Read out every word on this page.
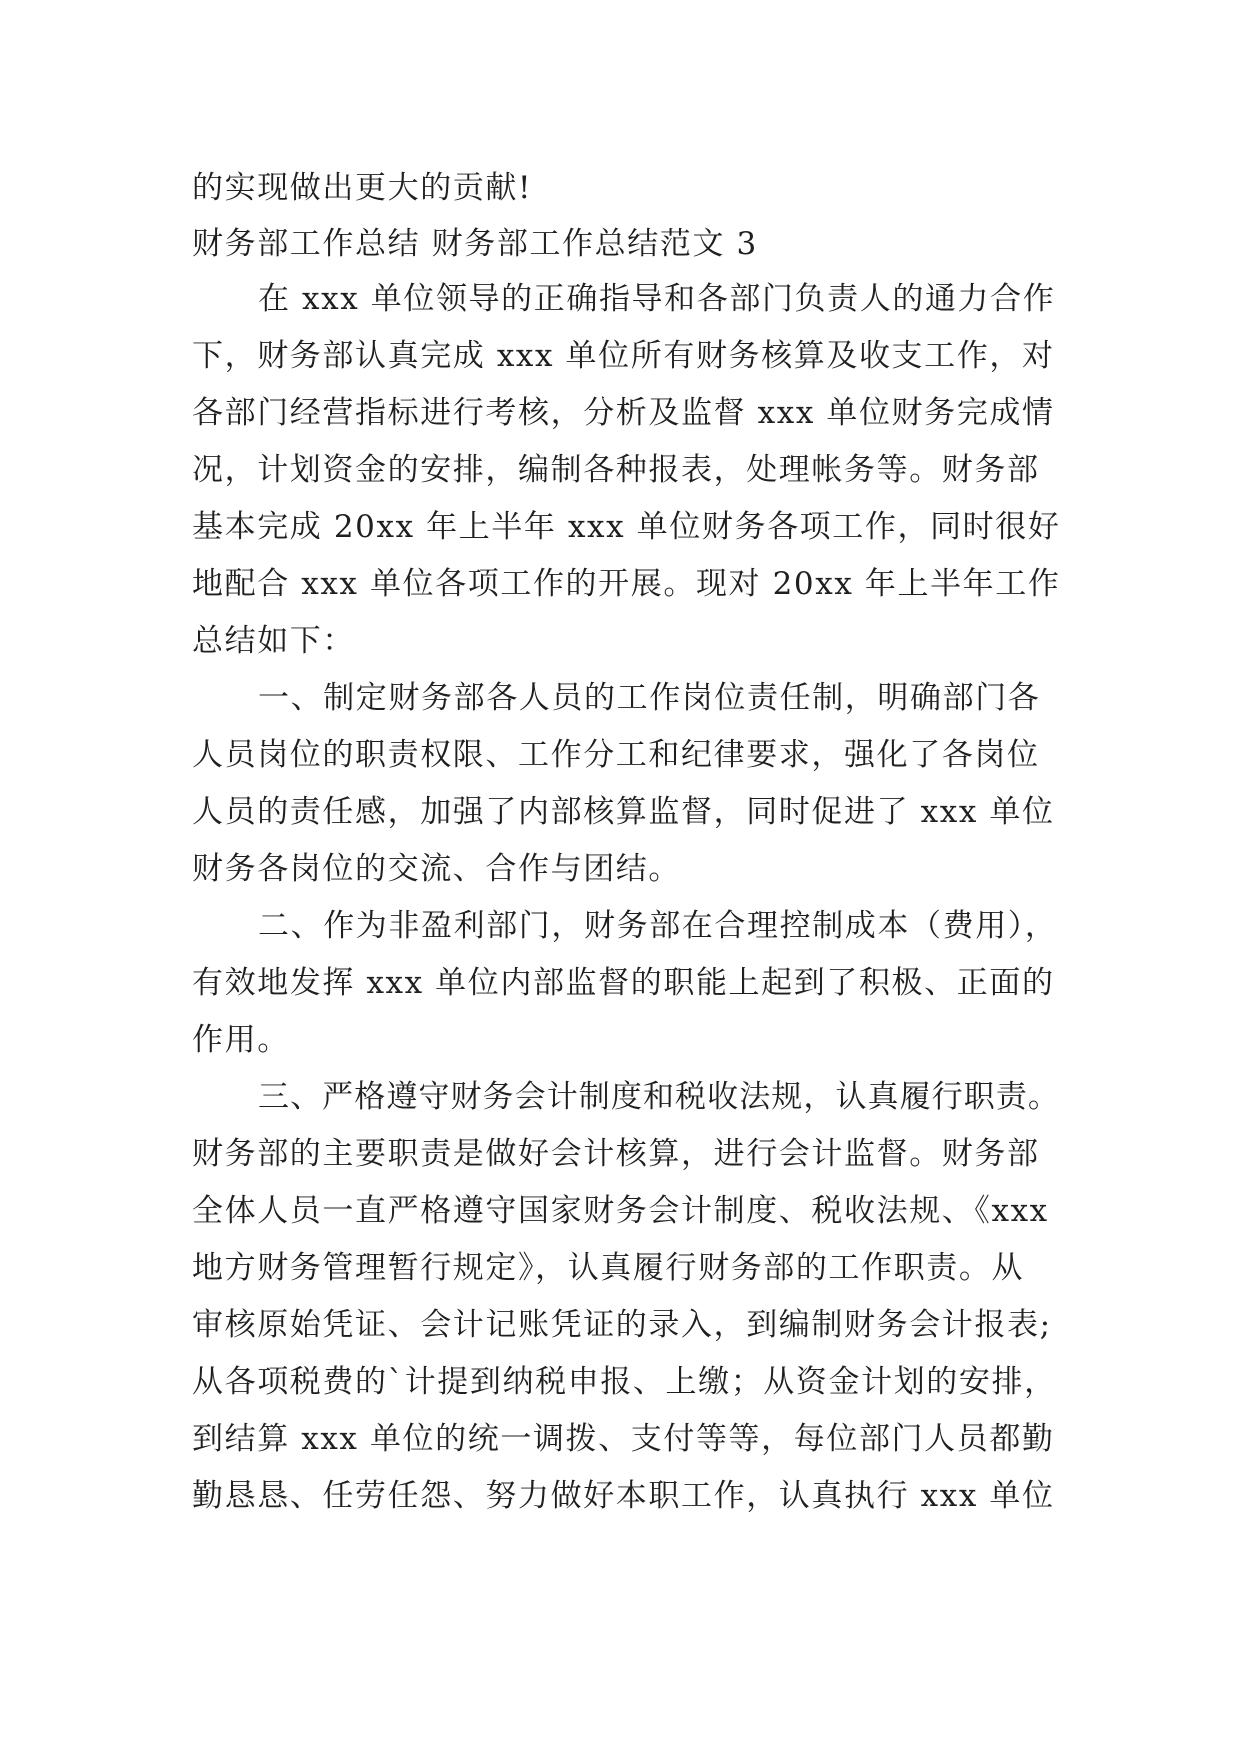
的实现做出更大的贡献!
财务部工作总结 财务部工作总结范文 3
在 xxx 单位领导的正确指导和各部门负责人的通力合作
下，财务部认真完成 xxx 单位所有财务核算及收支工作，对
各部门经营指标进行考核，分析及监督 xxx 单位财务完成情
况，计划资金的安排，编制各种报表，处理帐务等。财务部
基本完成 20xx 年上半年 xxx 单位财务各项工作，同时很好
地配合 xxx 单位各项工作的开展。现对 20xx 年上半年工作
总结如下：
一、制定财务部各人员的工作岗位责任制，明确部门各
人员岗位的职责权限、工作分工和纪律要求，强化了各岗位
人员的责任感，加强了内部核算监督，同时促进了 xxx 单位
财务各岗位的交流、合作与团结。
二、作为非盈利部门，财务部在合理控制成本（费用），
有效地发挥 xxx 单位内部监督的职能上起到了积极、正面的
作用。
三、严格遵守财务会计制度和税收法规，认真履行职责。
财务部的主要职责是做好会计核算，进行会计监督。财务部
全体人员一直严格遵守国家财务会计制度、税收法规、《xxx
地方财务管理暂行规定》，认真履行财务部的工作职责。从
审核原始凭证、会计记账凭证的录入，到编制财务会计报表;
从各项税费的`计提到纳税申报、上缴；从资金计划的安排，
到结算 xxx 单位的统一调拨、支付等等，每位部门人员都勤
勤恳恳、任劳任怨、努力做好本职工作，认真执行 xxx 单位
